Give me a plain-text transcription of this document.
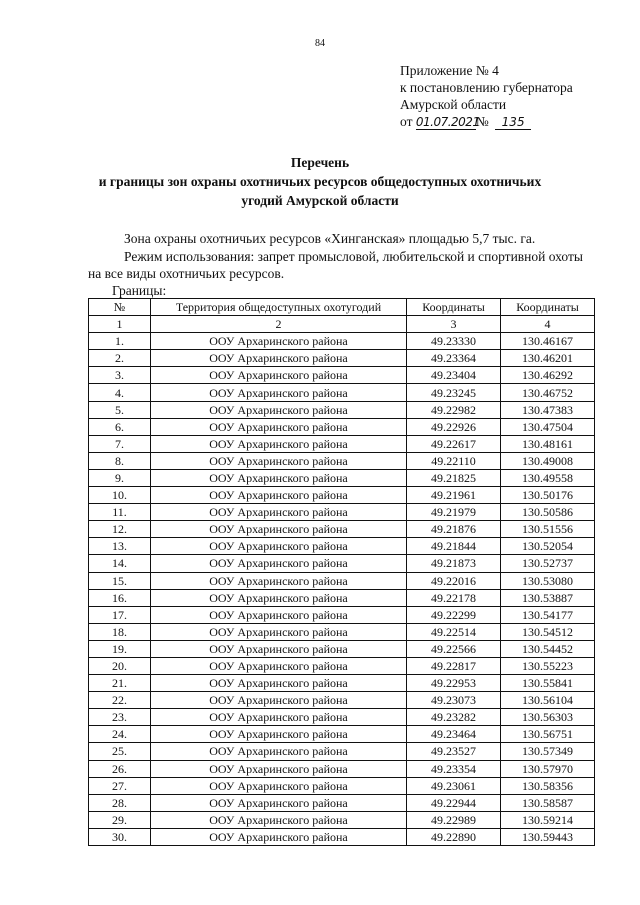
84
Приложение № 4
к постановлению губернатора
Амурской области
от 01.07.2021№ 135
Перечень
и границы зон охраны охотничьих ресурсов общедоступных охотничьих
угодий Амурской области
Зона охраны охотничьих ресурсов «Хинганская» площадью 5,7 тыс. га.
Режим использования: запрет промысловой, любительской и спортивной охоты на все виды охотничьих ресурсов.
Границы:
№	Территория общедоступных охотугодий	Координаты	Координаты
1	2	3	4
1.	ООУ Архаринского района	49.23330	130.46167
2.	ООУ Архаринского района	49.23364	130.46201
3.	ООУ Архаринского района	49.23404	130.46292
4.	ООУ Архаринского района	49.23245	130.46752
5.	ООУ Архаринского района	49.22982	130.47383
6.	ООУ Архаринского района	49.22926	130.47504
7.	ООУ Архаринского района	49.22617	130.48161
8.	ООУ Архаринского района	49.22110	130.49008
9.	ООУ Архаринского района	49.21825	130.49558
10.	ООУ Архаринского района	49.21961	130.50176
11.	ООУ Архаринского района	49.21979	130.50586
12.	ООУ Архаринского района	49.21876	130.51556
13.	ООУ Архаринского района	49.21844	130.52054
14.	ООУ Архаринского района	49.21873	130.52737
15.	ООУ Архаринского района	49.22016	130.53080
16.	ООУ Архаринского района	49.22178	130.53887
17.	ООУ Архаринского района	49.22299	130.54177
18.	ООУ Архаринского района	49.22514	130.54512
19.	ООУ Архаринского района	49.22566	130.54452
20.	ООУ Архаринского района	49.22817	130.55223
21.	ООУ Архаринского района	49.22953	130.55841
22.	ООУ Архаринского района	49.23073	130.56104
23.	ООУ Архаринского района	49.23282	130.56303
24.	ООУ Архаринского района	49.23464	130.56751
25.	ООУ Архаринского района	49.23527	130.57349
26.	ООУ Архаринского района	49.23354	130.57970
27.	ООУ Архаринского района	49.23061	130.58356
28.	ООУ Архаринского района	49.22944	130.58587
29.	ООУ Архаринского района	49.22989	130.59214
30.	ООУ Архаринского района	49.22890	130.59443
